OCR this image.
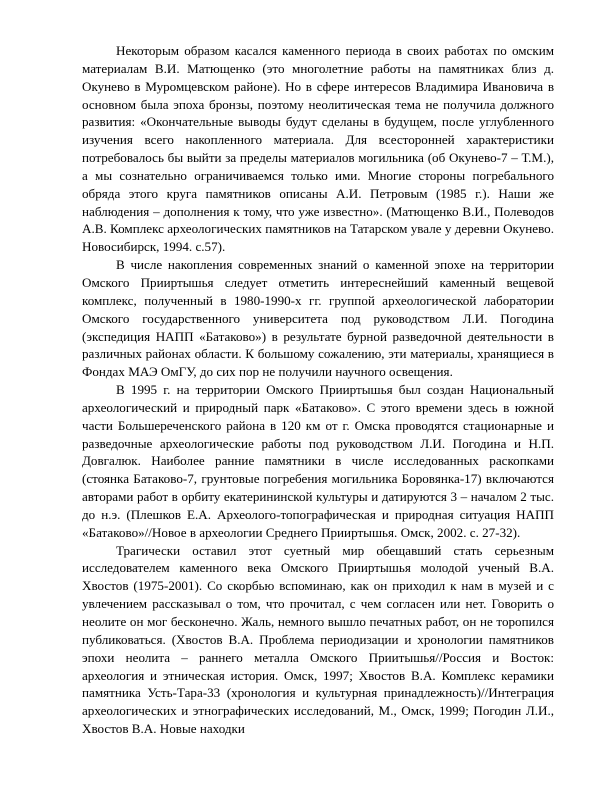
Некоторым образом касался каменного периода в своих работах по омским материалам В.И. Матющенко (это многолетние работы на памятниках близ д. Окунево в Муромцевском районе). Но в сфере интересов Владимира Ивановича в основном была эпоха бронзы, поэтому неолитическая тема не получила должного развития: «Окончательные выводы будут сделаны в будущем, после углубленного изучения всего накопленного материала. Для всесторонней характеристики потребовалось бы выйти за пределы материалов могильника (об Окунево-7 – Т.М.), а мы сознательно ограничиваемся только ими. Многие стороны погребального обряда этого круга памятников описаны А.И. Петровым (1985 г.). Наши же наблюдения – дополнения к тому, что уже известно». (Матющенко В.И., Полеводов А.В. Комплекс археологических памятников на Татарском увале у деревни Окунево. Новосибирск, 1994. с.57).

В числе накопления современных знаний о каменной эпохе на территории Омского Прииртышья следует отметить интереснейший каменный вещевой комплекс, полученный в 1980-1990-х гг. группой археологической лаборатории Омского государственного университета под руководством Л.И. Погодина (экспедиция НАПП «Батаково») в результате бурной разведочной деятельности в различных районах области. К большому сожалению, эти материалы, хранящиеся в Фондах МАЭ ОмГУ, до сих пор не получили научного освещения.

В 1995 г. на территории Омского Прииртышья был создан Национальный археологический и природный парк «Батаково». С этого времени здесь в южной части Большереченского района в 120 км от г. Омска проводятся стационарные и разведочные археологические работы под руководством Л.И. Погодина и Н.П. Довгалюк. Наиболее ранние памятники в числе исследованных раскопками (стоянка Батаково-7, грунтовые погребения могильника Боровянка-17) включаются авторами работ в орбиту екатерининской культуры и датируются 3 – началом 2 тыс. до н.э. (Плешков Е.А. Археолого-топографическая и природная ситуация НАПП «Батаково»//Новое в археологии Среднего Прииртышья. Омск, 2002. с. 27-32).

Трагически оставил этот суетный мир обещавший стать серьезным исследователем каменного века Омского Прииртышья молодой ученый В.А. Хвостов (1975-2001). Со скорбью вспоминаю, как он приходил к нам в музей и с увлечением рассказывал о том, что прочитал, с чем согласен или нет. Говорить о неолите он мог бесконечно. Жаль, немного вышло печатных работ, он не торопился публиковаться. (Хвостов В.А. Проблема периодизации и хронологии памятников эпохи неолита – раннего металла Омского Приитышья//Россия и Восток: археология и этническая история. Омск, 1997; Хвостов В.А. Комплекс керамики памятника Усть-Тара-33 (хронология и культурная принадлежность)//Интеграция археологических и этнографических исследований, М., Омск, 1999; Погодин Л.И., Хвостов В.А. Новые находки
